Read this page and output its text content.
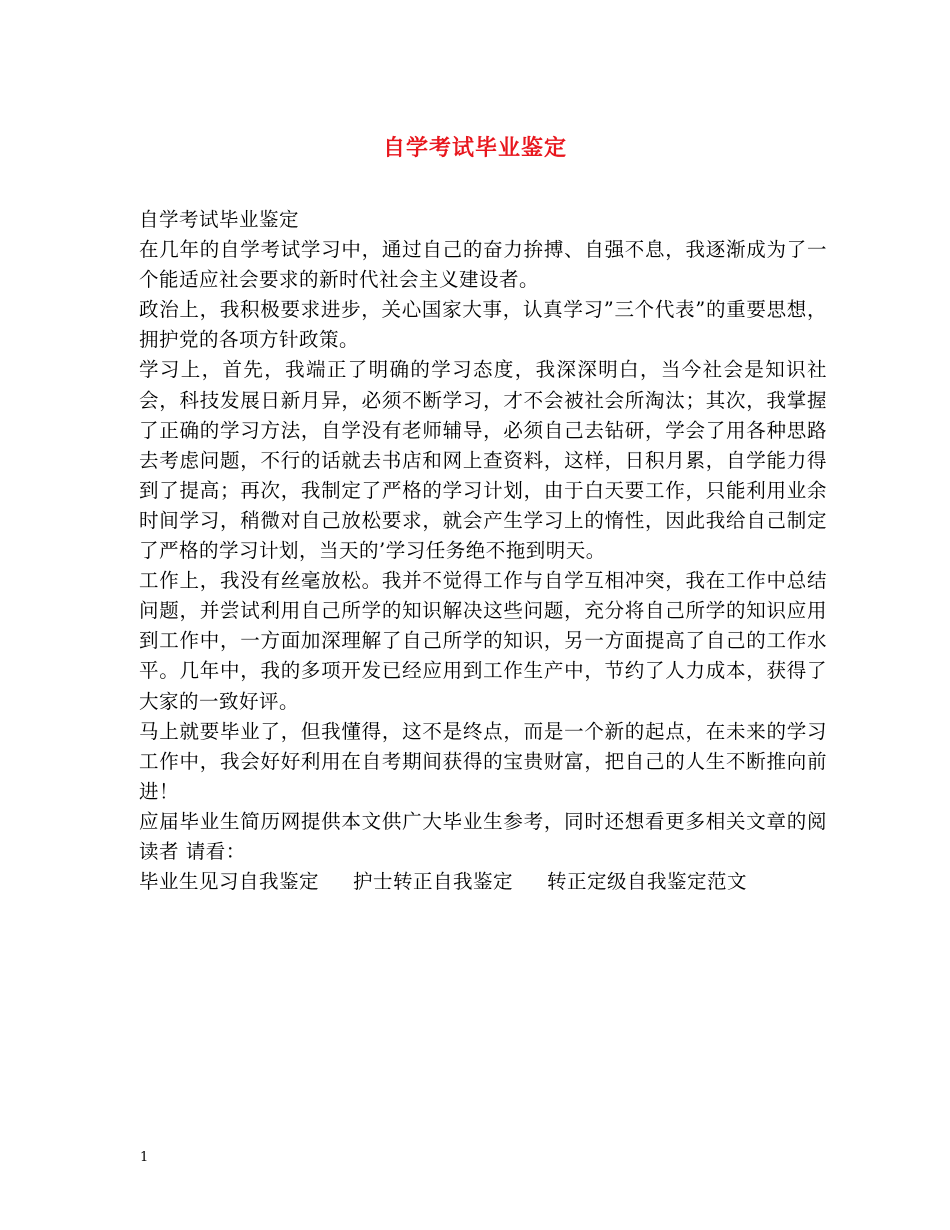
自学考试毕业鉴定

自学考试毕业鉴定

在几年的自学考试学习中，通过自己的奋力拚搏、自强不息，我逐渐成为了一个能适应社会要求的新时代社会主义建设者。

政治上，我积极要求进步，关心国家大事，认真学习”三个代表”的重要思想，拥护党的各项方针政策。

学习上，首先，我端正了明确的学习态度，我深深明白，当今社会是知识社会，科技发展日新月异，必须不断学习，才不会被社会所淘汰；其次，我掌握了正确的学习方法，自学没有老师辅导，必须自己去钻研，学会了用各种思路去考虑问题，不行的话就去书店和网上查资料，这样，日积月累，自学能力得到了提高；再次，我制定了严格的学习计划，由于白天要工作，只能利用业余时间学习，稍微对自己放松要求，就会产生学习上的惰性，因此我给自己制定了严格的学习计划，当天的’学习任务绝不拖到明天。

工作上，我没有丝毫放松。我并不觉得工作与自学互相冲突，我在工作中总结问题，并尝试利用自己所学的知识解决这些问题，充分将自己所学的知识应用到工作中，一方面加深理解了自己所学的知识，另一方面提高了自己的工作水平。几年中，我的多项开发已经应用到工作生产中，节约了人力成本，获得了大家的一致好评。

马上就要毕业了，但我懂得，这不是终点，而是一个新的起点，在未来的学习工作中，我会好好利用在自考期间获得的宝贵财富，把自己的人生不断推向前进！

应届毕业生简历网提供本文供广大毕业生参考，同时还想看更多相关文章的阅读者 请看：

毕业生见习自我鉴定 护士转正自我鉴定 转正定级自我鉴定范文
1
